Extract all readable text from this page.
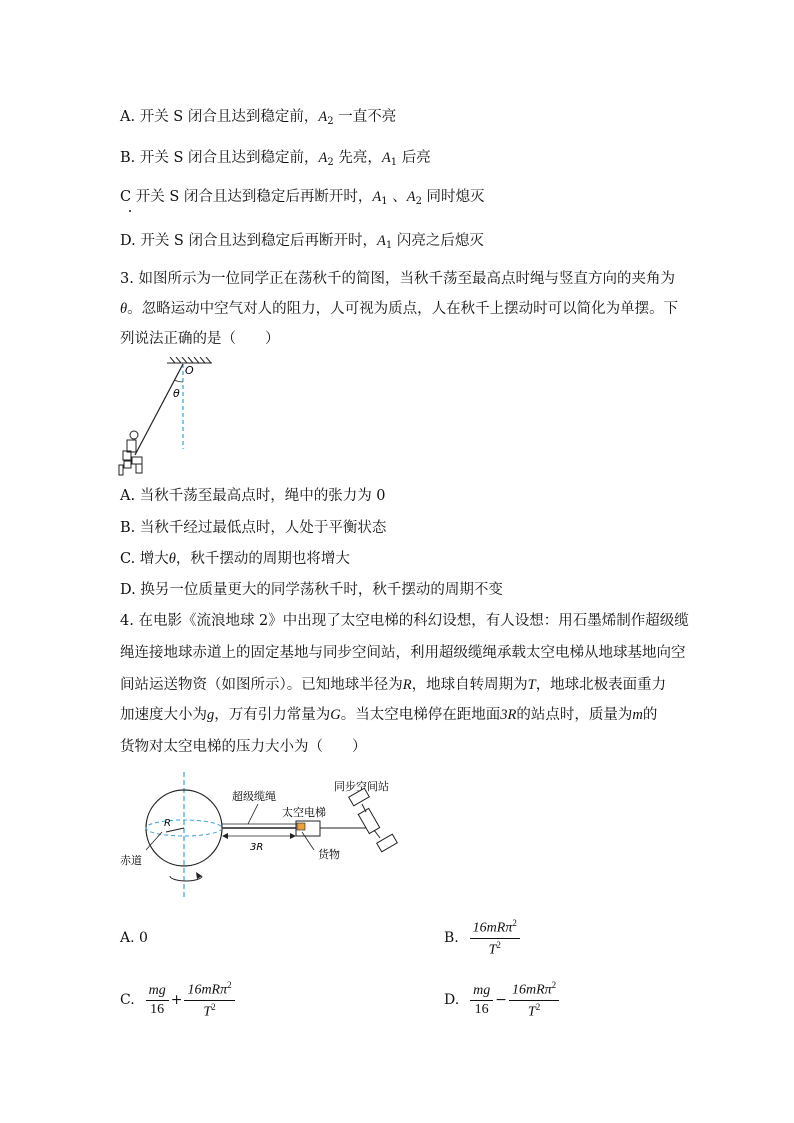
A. 开关 S 闭合且达到稳定前，$A_2$ 一直不亮
B. 开关 S 闭合且达到稳定前，$A_2$ 先亮，$A_1$ 后亮
C 开关 S 闭合且达到稳定后再断开时，$A_1$ 、$A_2$ 同时熄灭
D. 开关 S 闭合且达到稳定后再断开时，$A_1$ 闪亮之后熄灭
3. 如图所示为一位同学正在荡秋千的简图，当秋千荡至最高点时绳与竖直方向的夹角为
θ。忽略运动中空气对人的阻力，人可视为质点，人在秋千上摆动时可以简化为单摆。下
列说法正确的是（　　）
O
θ
A. 当秋千荡至最高点时，绳中的张力为 0
B. 当秋千经过最低点时，人处于平衡状态
C. 增大θ，秋千摆动的周期也将增大
D. 换另一位质量更大的同学荡秋千时，秋千摆动的周期不变
4. 在电影《流浪地球 2》中出现了太空电梯的科幻设想，有人设想：用石墨烯制作超级缆
绳连接地球赤道上的固定基地与同步空间站，利用超级缆绳承载太空电梯从地球基地向空
间站运送物资（如图所示）。已知地球半径为R，地球自转周期为T，地球北极表面重力
加速度大小为g，万有引力常量为G。当太空电梯停在距地面3R的站点时，质量为m的
货物对太空电梯的压力大小为（　　）
R
赤道
超级缆绳
太空电梯
货物
3R
同步空间站
A.
0	B.
$\frac{16mR\pi^2}{T^2}$
C.
$\frac{mg}{16} + \frac{16mR\pi^2}{T^2}$	D.
$\frac{mg}{16} - \frac{16mR\pi^2}{T^2}$
